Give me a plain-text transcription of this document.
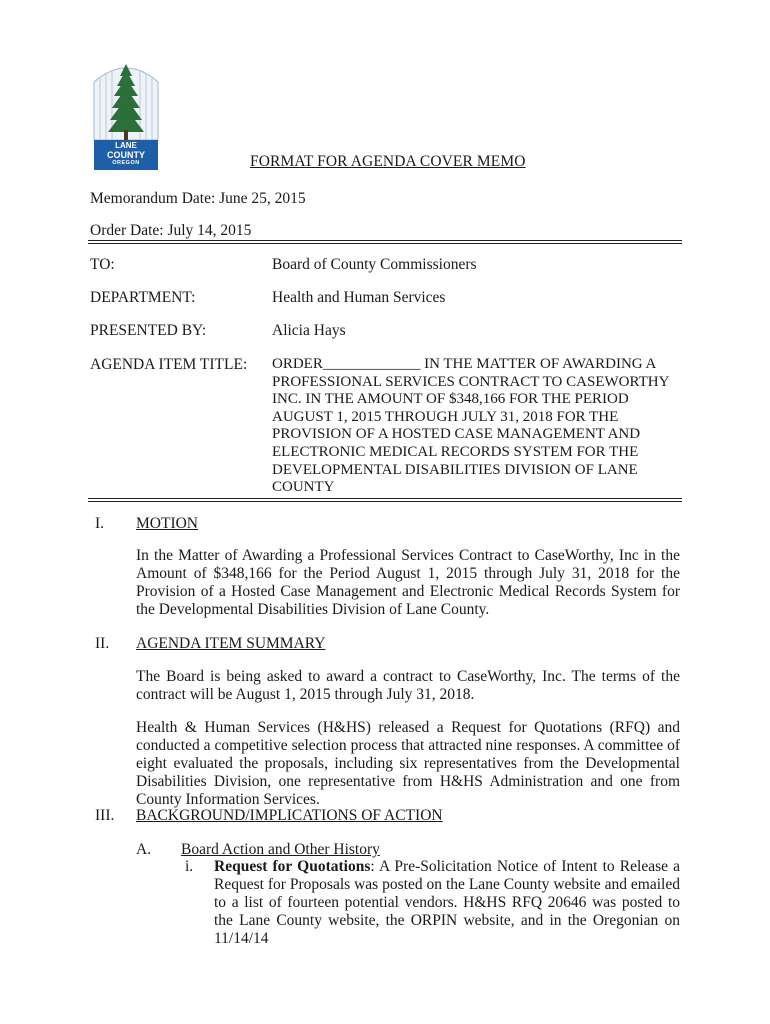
LANE
COUNTY
OREGON	FORMAT FOR AGENDA COVER MEMO
Memorandum Date: June 25, 2015
Order Date: July 14, 2015
TO:	Board of County Commissioners
DEPARTMENT:	Health and Human Services
PRESENTED BY:	Alicia Hays
AGENDA ITEM TITLE: ORDER_____________ IN THE MATTER OF AWARDING A PROFESSIONAL SERVICES CONTRACT TO CASEWORTHY INC. IN THE AMOUNT OF $348,166 FOR THE PERIOD AUGUST 1, 2015 THROUGH JULY 31, 2018 FOR THE PROVISION OF A HOSTED CASE MANAGEMENT AND ELECTRONIC MEDICAL RECORDS SYSTEM FOR THE DEVELOPMENTAL DISABILITIES DIVISION OF LANE COUNTY
I. MOTION
In the Matter of Awarding a Professional Services Contract to CaseWorthy, Inc in the Amount of $348,166 for the Period August 1, 2015 through July 31, 2018 for the Provision of a Hosted Case Management and Electronic Medical Records System for the Developmental Disabilities Division of Lane County.
II. AGENDA ITEM SUMMARY
The Board is being asked to award a contract to CaseWorthy, Inc. The terms of the contract will be August 1, 2015 through July 31, 2018.
Health & Human Services (H&HS) released a Request for Quotations (RFQ) and conducted a competitive selection process that attracted nine responses. A committee of eight evaluated the proposals, including six representatives from the Developmental Disabilities Division, one representative from H&HS Administration and one from County Information Services.
III. BACKGROUND/IMPLICATIONS OF ACTION
A. Board Action and Other History
i. Request for Quotations: A Pre-Solicitation Notice of Intent to Release a Request for Proposals was posted on the Lane County website and emailed to a list of fourteen potential vendors. H&HS RFQ 20646 was posted to the Lane County website, the ORPIN website, and in the Oregonian on 11/14/14
